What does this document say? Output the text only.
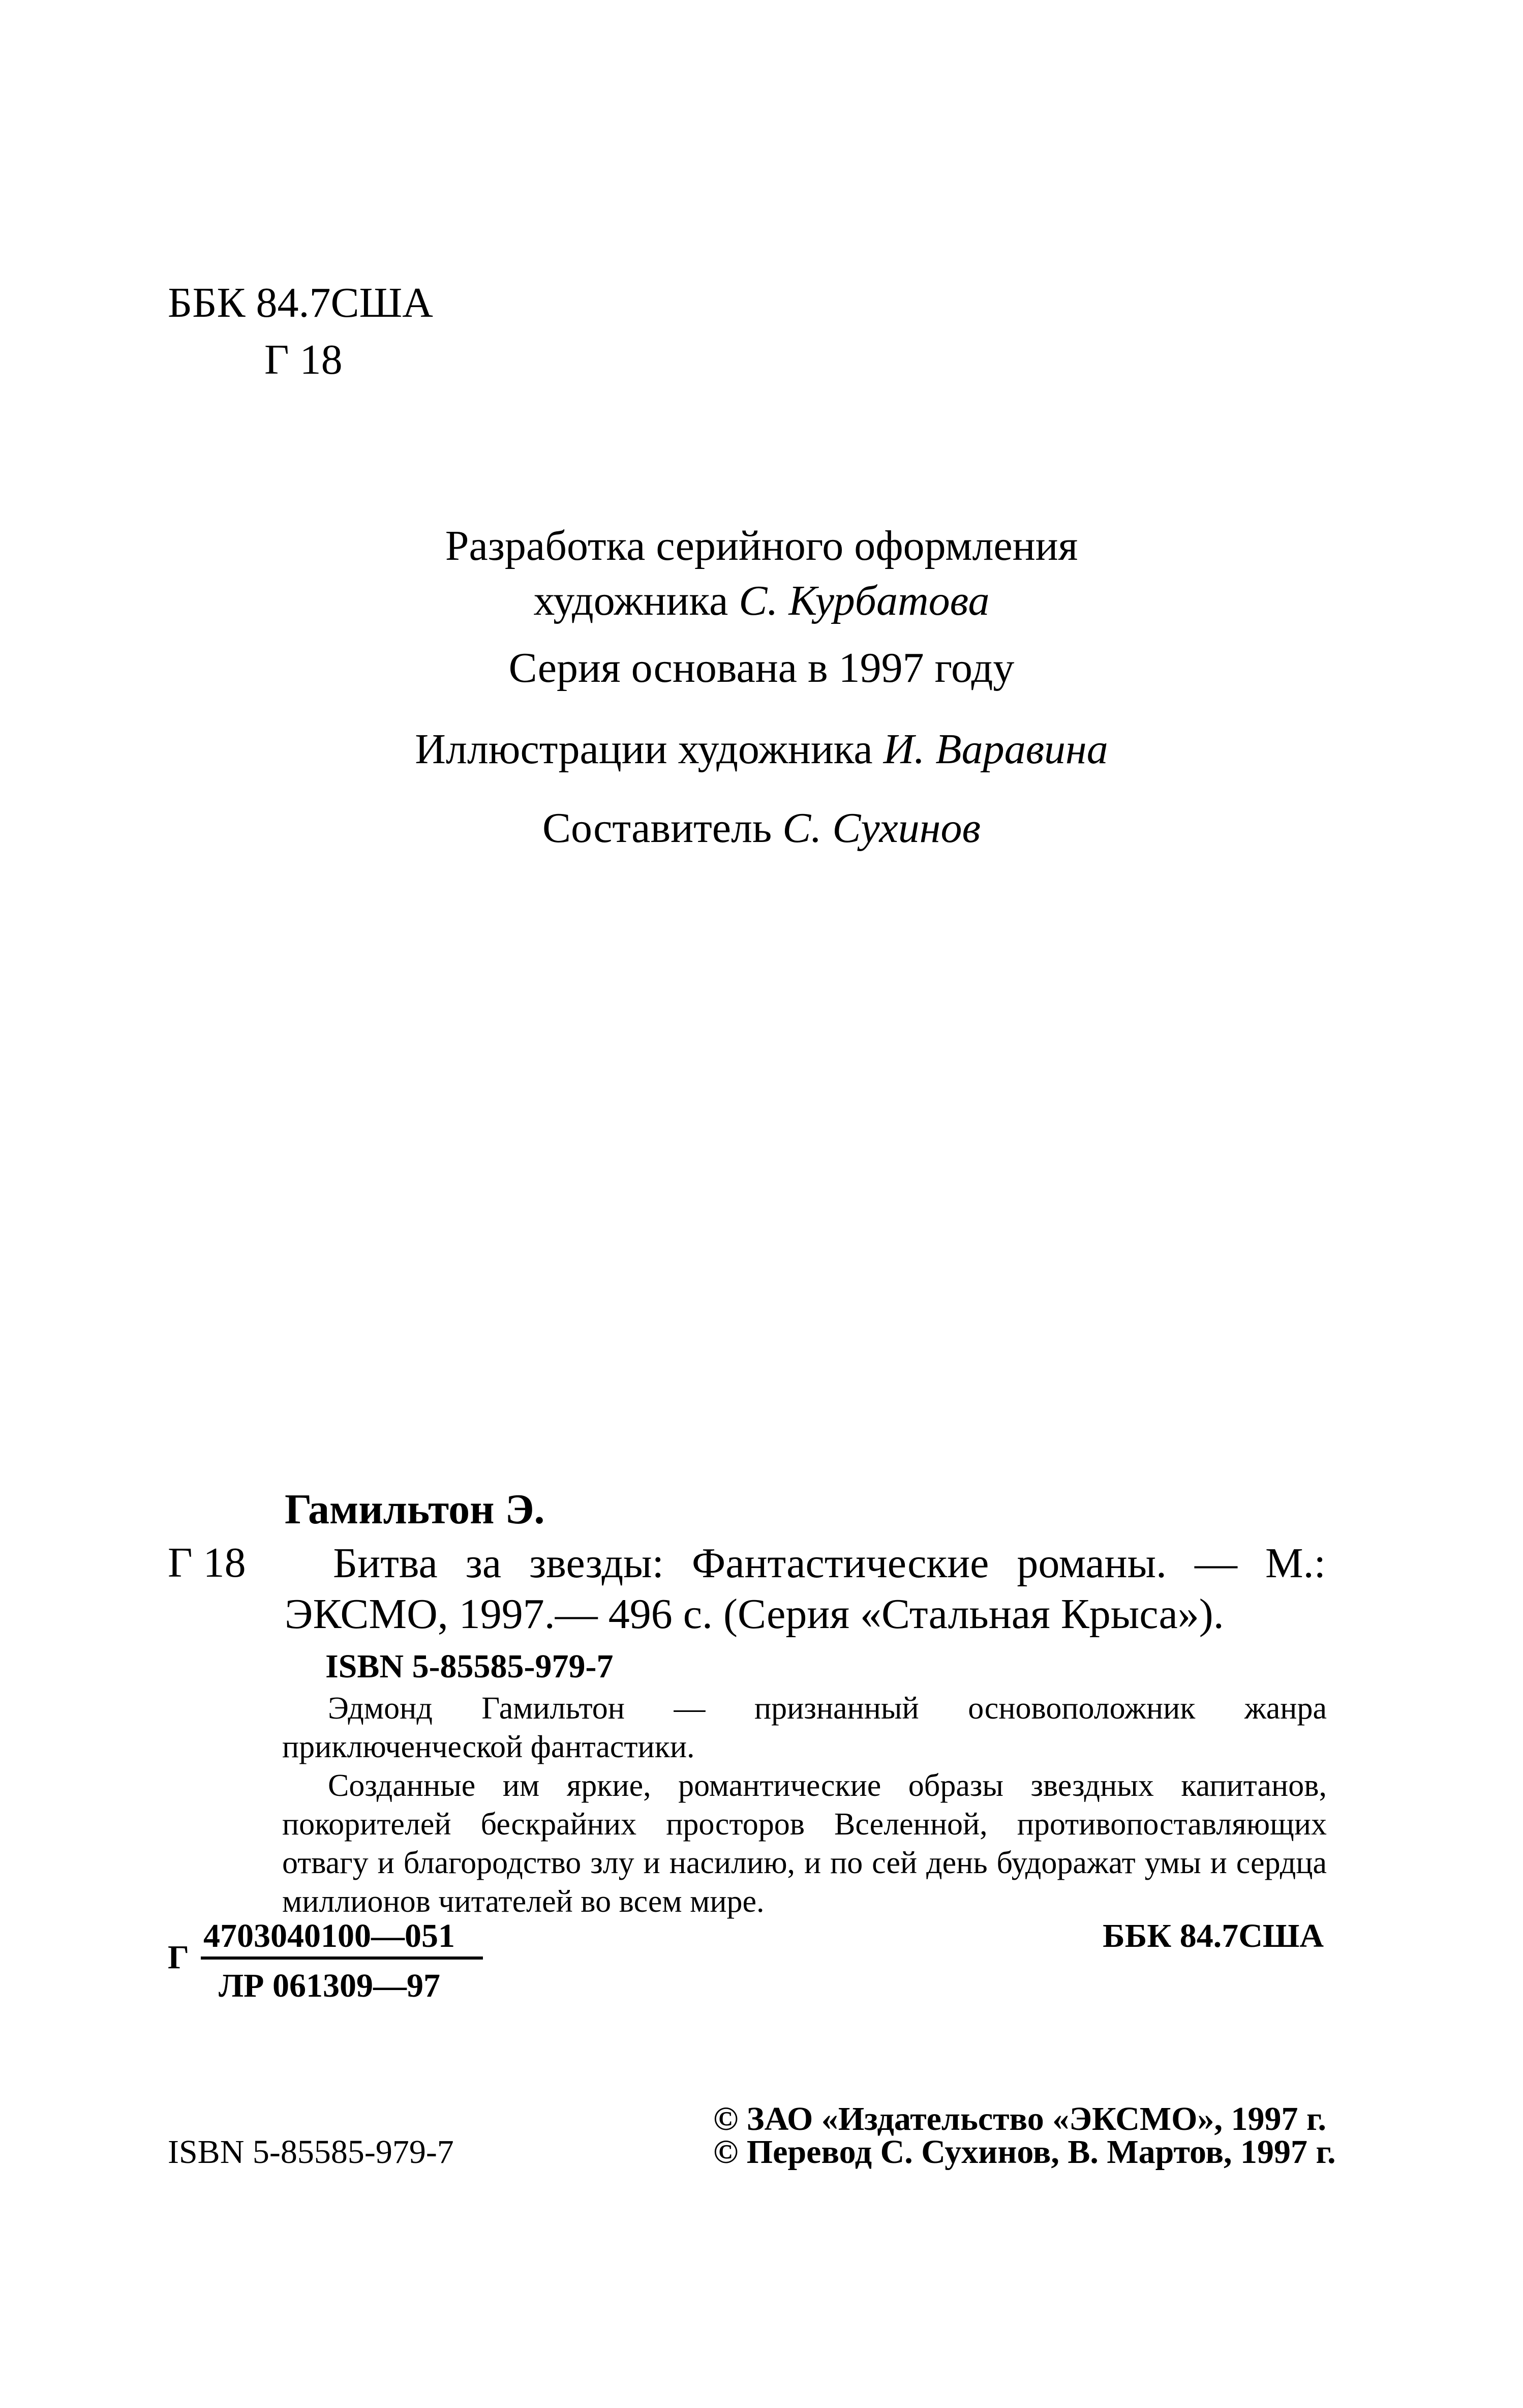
ББК 84.7США
Г 18
Разработка серийного оформления
художника С. Курбатова
Серия основана в 1997 году
Иллюстрации художника И. Варавина
Составитель С. Сухинов
Гамильтон Э.
Г 18	Битва за звезды: Фантастические романы. — М.:
ЭКСМО, 1997.— 496 с. (Серия «Стальная Крыса»).
ISBN 5-85585-979-7

Эдмонд Гамильтон — признанный основоположник жанра приключенческой фантастики.

Созданные им яркие, романтические образы звездных капитанов, покорителей бескрайних просторов Вселенной, противопоставляющих отвагу и благородство злу и насилию, и по сей день будоражат умы и сердца миллионов читателей во всем мире.

Г
4703040100—051
ЛР 061309—97
ББК 84.7США
ISBN 5-85585-979-7
© ЗАО «Издательство «ЭКСМО», 1997 г.
© Перевод С. Сухинов, В. Мартов, 1997 г.
